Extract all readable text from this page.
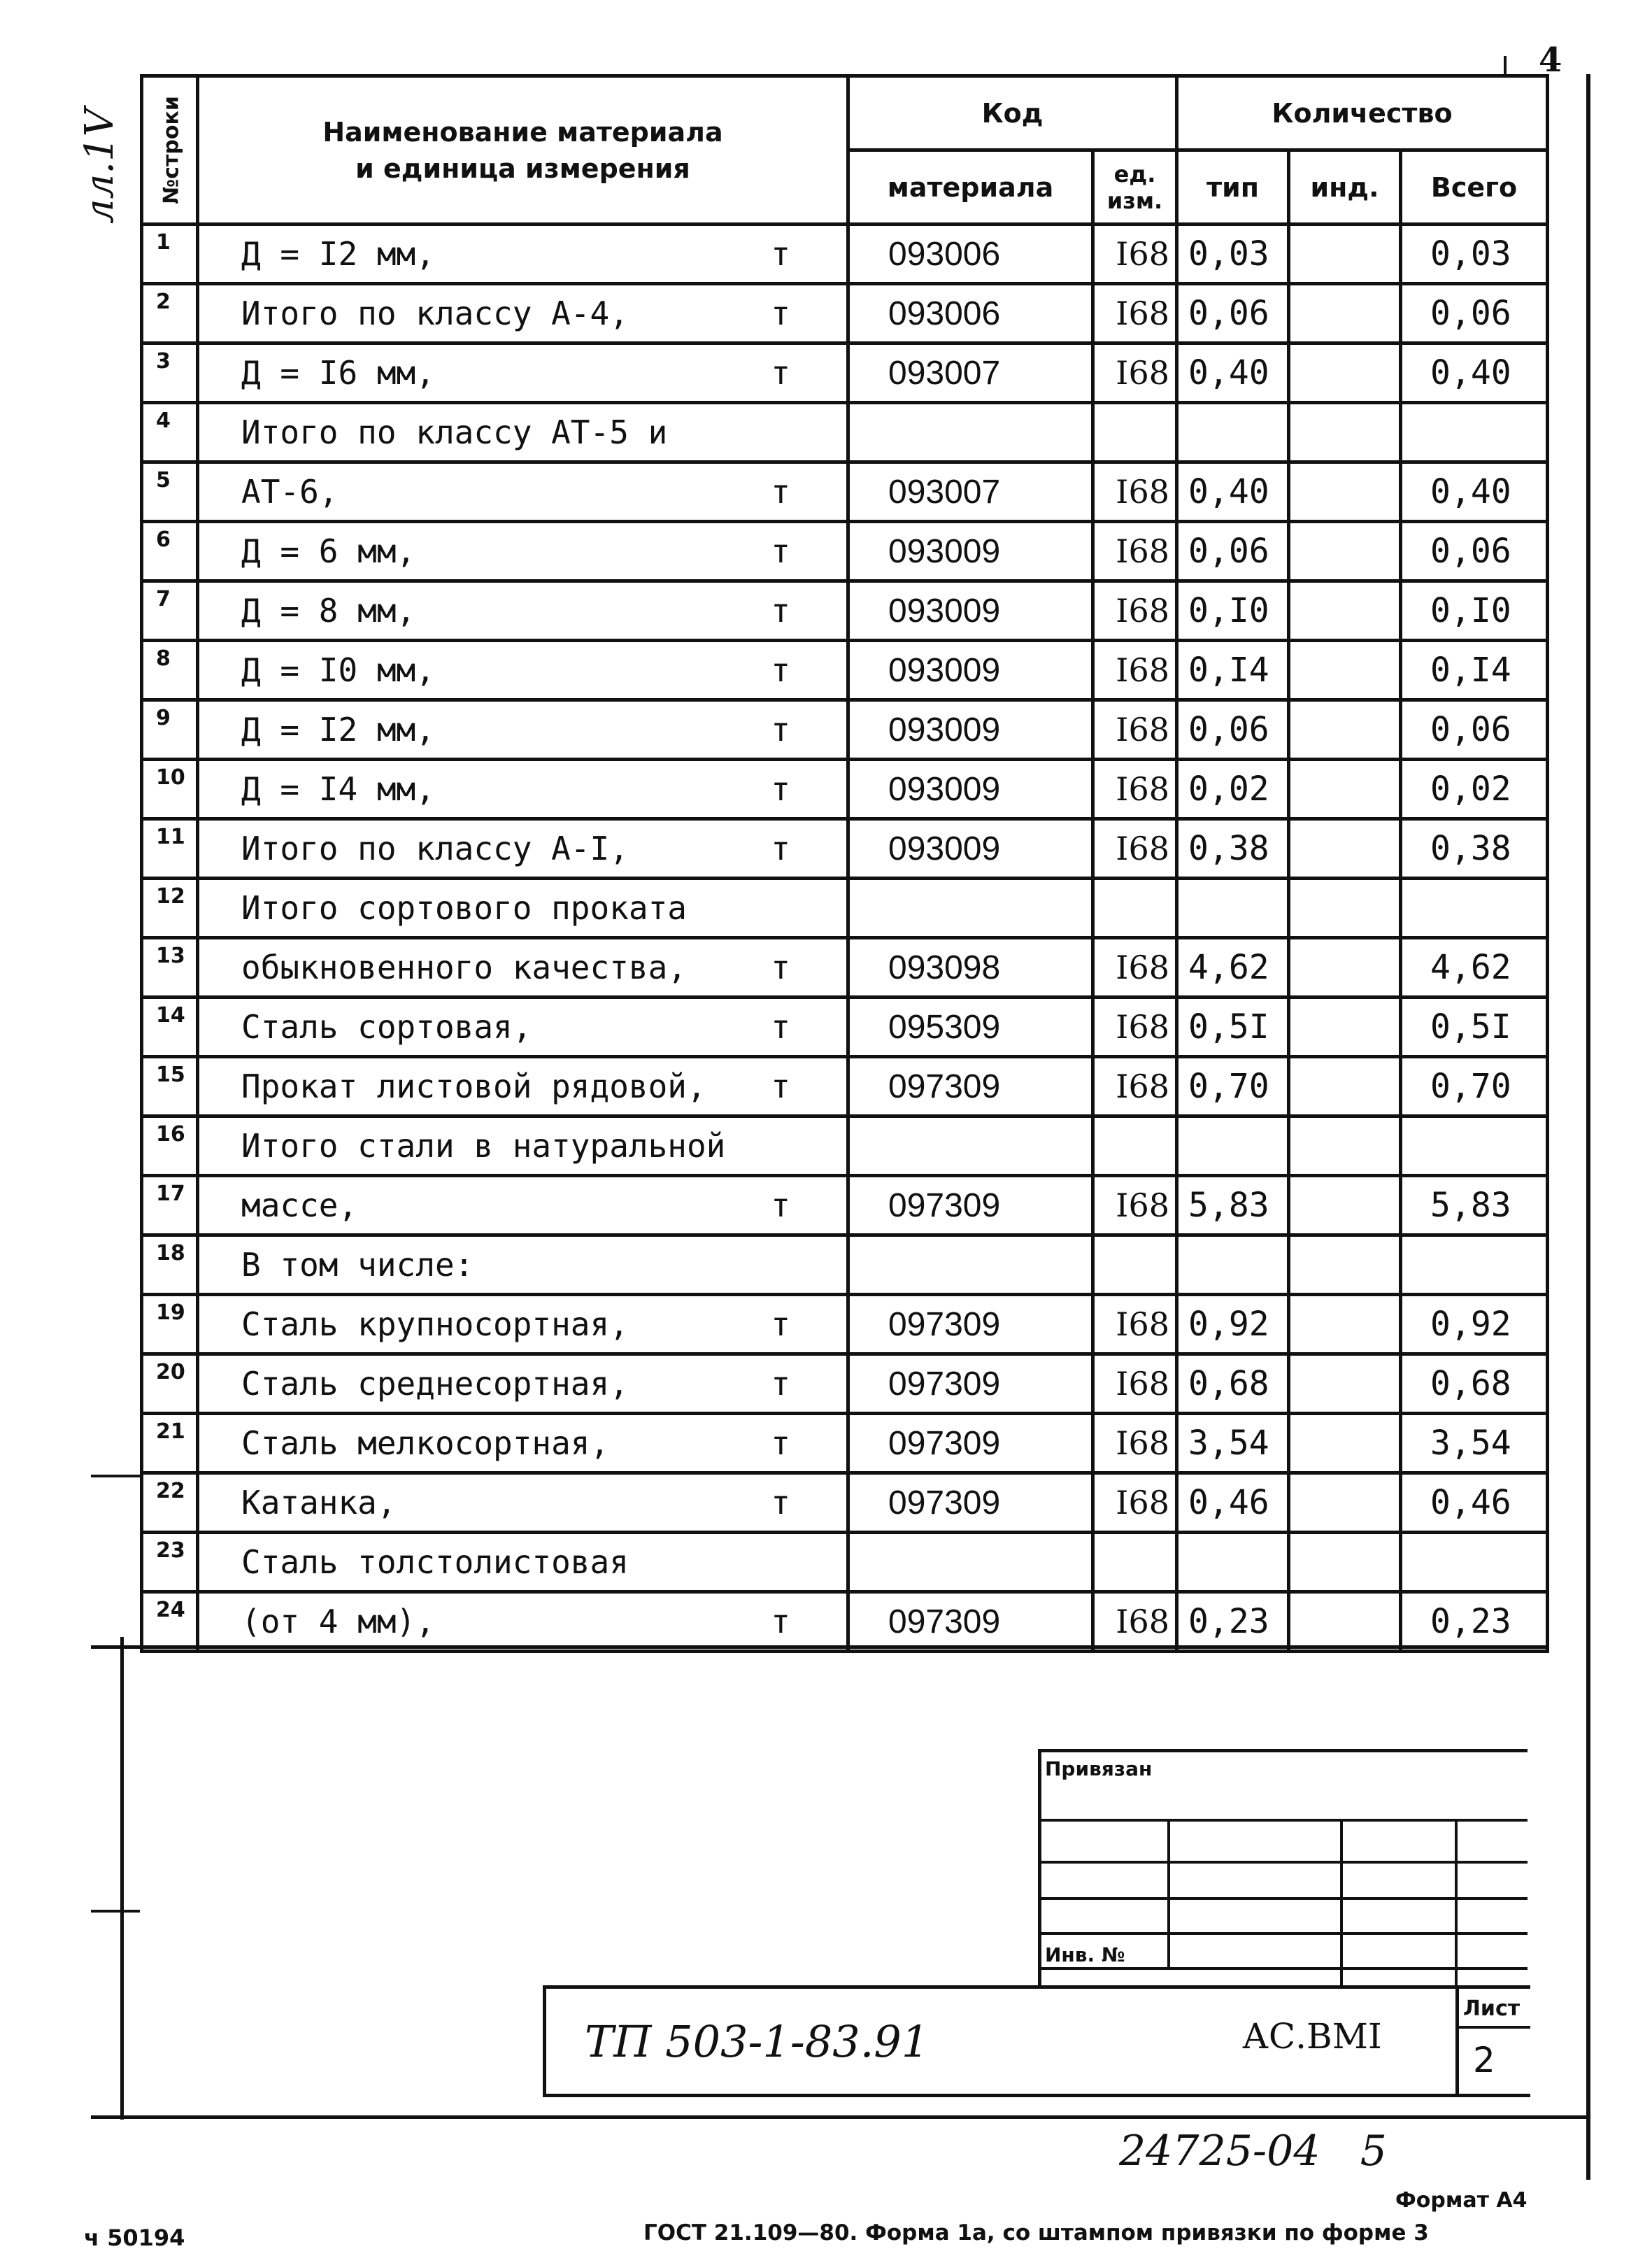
4
лл.1V №строки	Наименование материала
и единица измерения	Код		Количество		
		материала	ед.
изм.	тип	инд.	Всего
1	Д = I2 мм, т	093006	I68	0,03		0,03
2	Итого по классу А-4, т	093006	I68	0,06		0,06
3	Д = I6 мм, т	093007	I68	0,40		0,40
4	Итого по классу АТ-5 и					

5	АТ-6, т	093007	I68	0,40		0,40
6	Д = 6 мм, т	093009	I68	0,06		0,06
7	Д = 8 мм, т	093009	I68	0,I0		0,I0
8	Д = I0 мм, т	093009	I68	0,I4		0,I4
9	Д = I2 мм, т	093009	I68	0,06		0,06
10	Д = I4 мм, т	093009	I68	0,02		0,02
11	Итого по классу А-I, т	093009	I68	0,38		0,38
12	Итого сортового проката					

13	обыкновенного качества, т	093098	I68	4,62		4,62
14	Сталь сортовая, т	095309	I68	0,5I		0,5I
15	Прокат листовой рядовой, т	097309	I68	0,70		0,70
16	Итого стали в натуральной					

17	массе, т	097309	I68	5,83		5,83
18	В том числе:					

19	Сталь крупносортная, т	097309	I68	0,92		0,92
20	Сталь среднесортная, т	097309	I68	0,68		0,68
21	Сталь мелкосортная, т	097309	I68	3,54		3,54
22	Катанка, т	097309	I68	0,46		0,46
23	Сталь толстолистовая					

24	(от 4 мм), т	097309	I68	0,23		0,23
Привязан
Инв. №
ТП 503-1-83.91	АС.ВМI
Лист
2
24725-04   5
Формат А4
ч 50194	ГОСТ 21.109—80. Форма 1а, со штампом привязки по форме 3
